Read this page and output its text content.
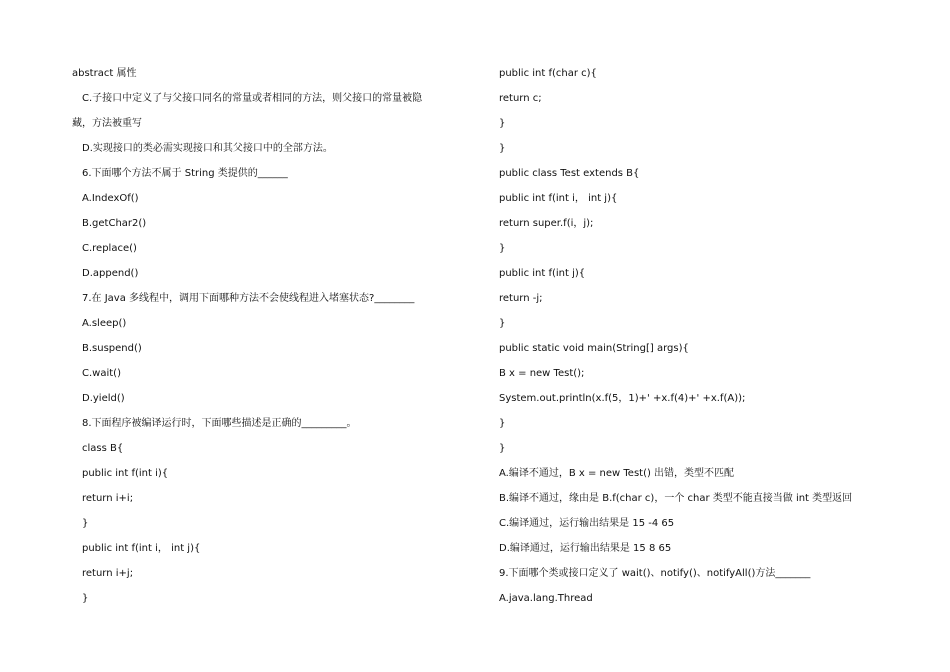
abstract 属性
C.子接口中定义了与父接口同名的常量或者相同的方法，则父接口的常量被隐
藏，方法被重写
D.实现接口的类必需实现接口和其父接口中的全部方法。
6.下面哪个方法不属于 String 类提供的______
A.IndexOf()
B.getChar2()
C.replace()
D.append()
7.在 Java 多线程中，调用下面哪种方法不会使线程进入堵塞状态?________
A.sleep()
B.suspend()
C.wait()
D.yield()
8.下面程序被编译运行时，下面哪些描述是正确的_________。
class B{
public int f(int i){
return i+i;
}
public int f(int i， int j){
return i+j;
}
public int f(char c){
return c;
}
}
public class Test extends B{
public int f(int i， int j){
return super.f(i，j);
}
public int f(int j){
return -j;
}
public static void main(String[] args){
B x = new Test();
System.out.println(x.f(5，1)+' +x.f(4)+' +x.f(A));
}
}
A.编译不通过，B x = new Test() 出错，类型不匹配
B.编译不通过，缘由是 B.f(char c)，一个 char 类型不能直接当做 int 类型返回
C.编译通过，运行输出结果是 15 -4 65
D.编译通过，运行输出结果是 15 8 65
9.下面哪个类或接口定义了 wait()、notify()、notifyAll()方法_______
A.java.lang.Thread
